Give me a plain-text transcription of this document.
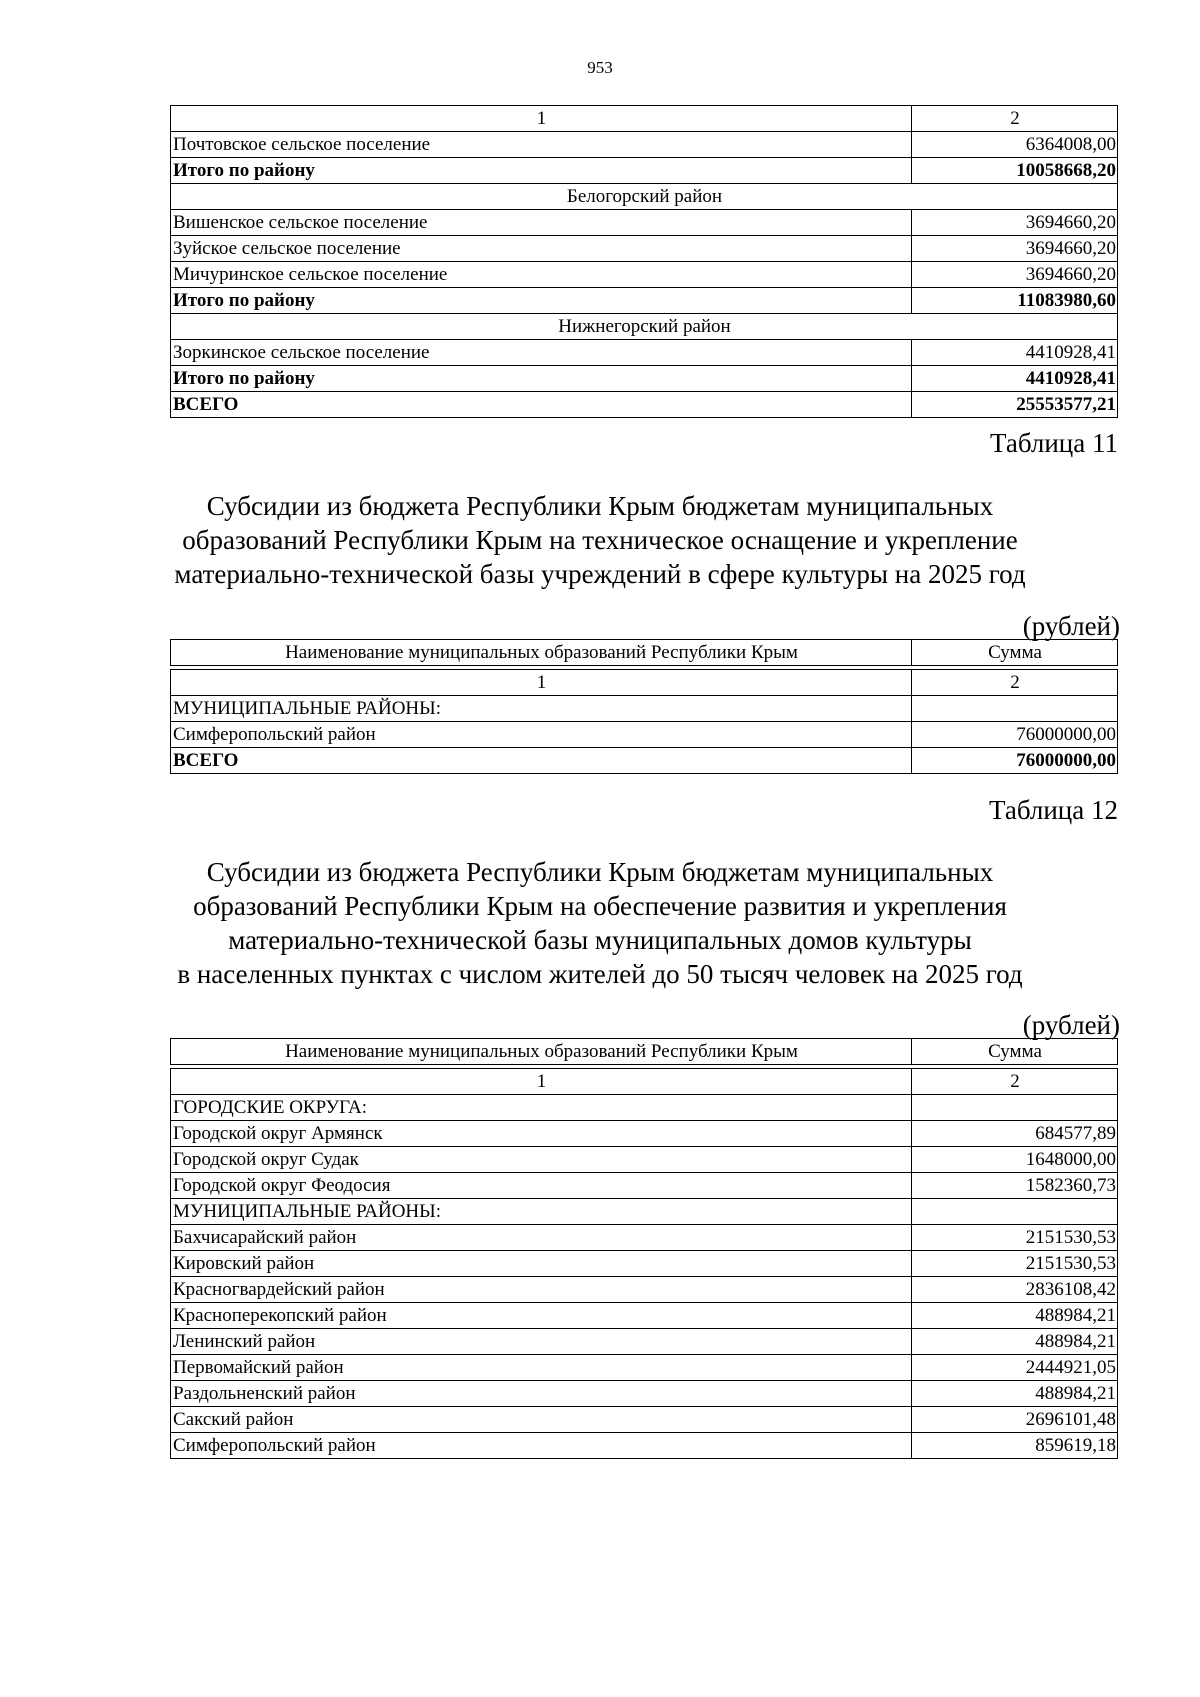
953
1	2
Почтовское сельское поселение	6364008,00
Итого по району	10058668,20
Белогорский район	
Вишенское сельское поселение	3694660,20
Зуйское сельское поселение	3694660,20
Мичуринское сельское поселение	3694660,20
Итого по району	11083980,60
Нижнегорский район	
Зоркинское сельское поселение	4410928,41
Итого по району	4410928,41
ВСЕГО	25553577,21
Таблица 11
Субсидии из бюджета Республики Крым бюджетам муниципальных
образований Республики Крым на техническое оснащение и укрепление
материально-технической базы учреждений в сфере культуры на 2025 год
(рублей)
Наименование муниципальных образований Республики Крым	Сумма

1	2
МУНИЦИПАЛЬНЫЕ РАЙОНЫ:	
Симферопольский район	76000000,00
ВСЕГО	76000000,00
Таблица 12
Субсидии из бюджета Республики Крым бюджетам муниципальных
образований Республики Крым на обеспечение развития и укрепления
материально-технической базы муниципальных домов культуры
в населенных пунктах с числом жителей до 50 тысяч человек на 2025 год
(рублей)
Наименование муниципальных образований Республики Крым	Сумма

1	2
ГОРОДСКИЕ ОКРУГА:	
Городской округ Армянск	684577,89
Городской округ Судак	1648000,00
Городской округ Феодосия	1582360,73
МУНИЦИПАЛЬНЫЕ РАЙОНЫ:	
Бахчисарайский район	2151530,53
Кировский район	2151530,53
Красногвардейский район	2836108,42
Красноперекопский район	488984,21
Ленинский район	488984,21
Первомайский район	2444921,05
Раздольненский район	488984,21
Сакский район	2696101,48
Симферопольский район	859619,18
